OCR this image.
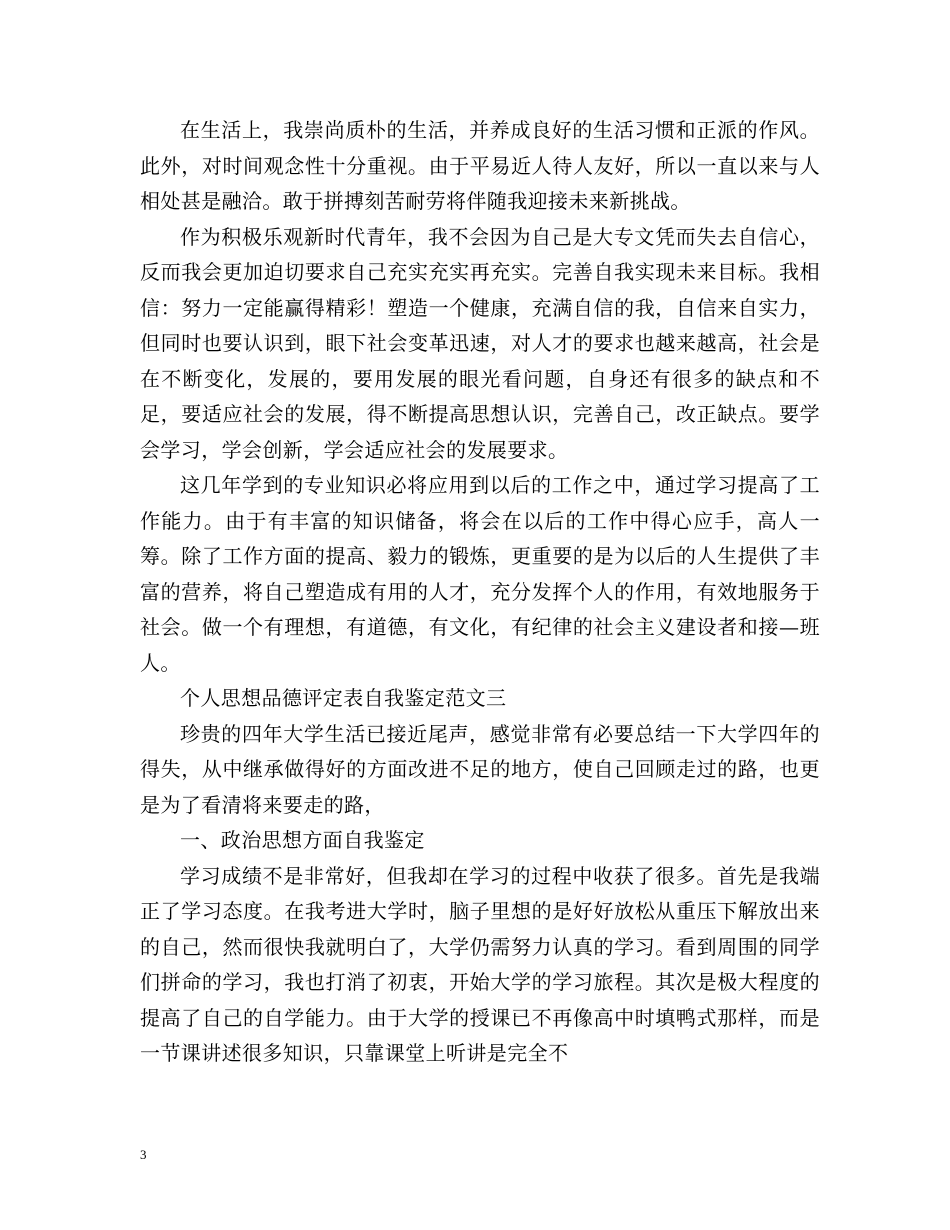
在生活上，我崇尚质朴的生活，并养成良好的生活习惯和正派的作风。此外，对时间观念性十分重视。由于平易近人待人友好，所以一直以来与人相处甚是融洽。敢于拼搏刻苦耐劳将伴随我迎接未来新挑战。

作为积极乐观新时代青年，我不会因为自己是大专文凭而失去自信心，反而我会更加迫切要求自己充实充实再充实。完善自我实现未来目标。我相信：努力一定能赢得精彩！塑造一个健康，充满自信的我，自信来自实力，但同时也要认识到，眼下社会变革迅速，对人才的要求也越来越高，社会是在不断变化，发展的，要用发展的眼光看问题，自身还有很多的缺点和不足，要适应社会的发展，得不断提高思想认识，完善自己，改正缺点。要学会学习，学会创新，学会适应社会的发展要求。

这几年学到的专业知识必将应用到以后的工作之中，通过学习提高了工作能力。由于有丰富的知识储备，将会在以后的工作中得心应手，高人一筹。除了工作方面的提高、毅力的锻炼，更重要的是为以后的人生提供了丰富的营养，将自己塑造成有用的人才，充分发挥个人的作用，有效地服务于社会。做一个有理想，有道德，有文化，有纪律的社会主义建设者和接—班人。

个人思想品德评定表自我鉴定范文三

珍贵的四年大学生活已接近尾声，感觉非常有必要总结一下大学四年的得失，从中继承做得好的方面改进不足的地方，使自己回顾走过的路，也更是为了看清将来要走的路，

一、政治思想方面自我鉴定

学习成绩不是非常好，但我却在学习的过程中收获了很多。首先是我端正了学习态度。在我考进大学时，脑子里想的是好好放松从重压下解放出来的自己，然而很快我就明白了，大学仍需努力认真的学习。看到周围的同学们拼命的学习，我也打消了初衷，开始大学的学习旅程。其次是极大程度的提高了自己的自学能力。由于大学的授课已不再像高中时填鸭式那样，而是一节课讲述很多知识，只靠课堂上听讲是完全不

3
